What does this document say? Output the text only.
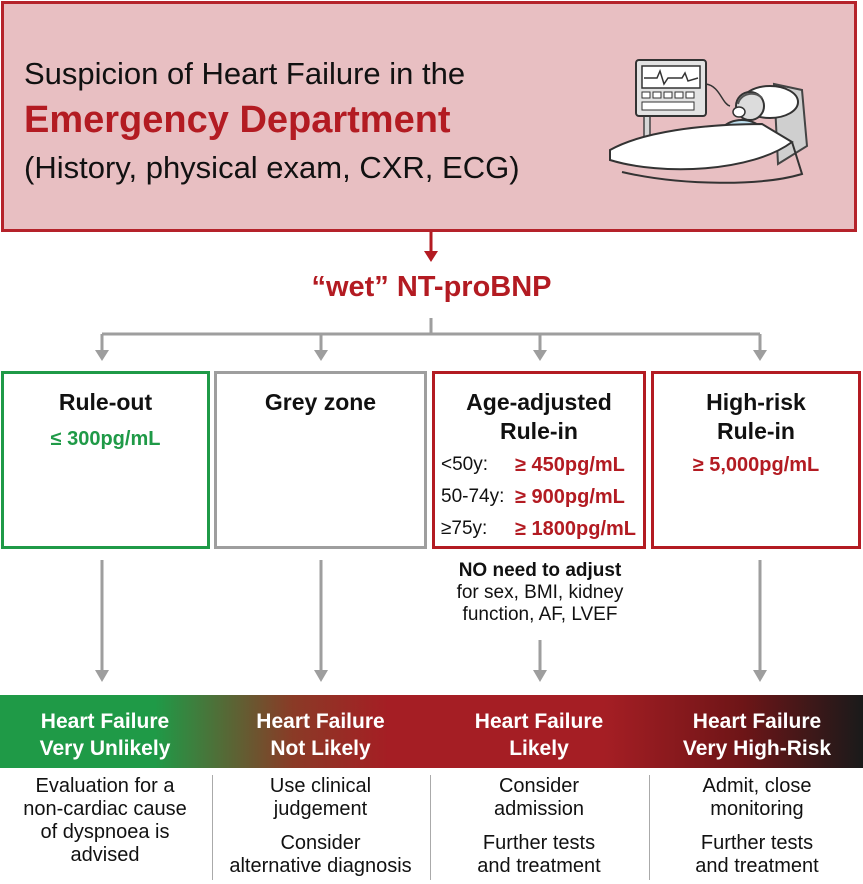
Suspicion of Heart Failure in the
Emergency Department
(History, physical exam, CXR, ECG)
“wet” NT-proBNP
Rule-out
≤ 300pg/mL
Grey zone	Age-adjusted
Rule-in
<50y: ≥ 450pg/mL
50-74y: ≥ 900pg/mL
≥75y: ≥ 1800pg/mL
High-risk
Rule-in
≥ 5,000pg/mL
NO need to adjust
for sex, BMI, kidney
function, AF, LVEF
Heart Failure
Very Unlikely
Heart Failure
Not Likely
Heart Failure
Likely
Heart Failure
Very High-Risk
Evaluation for a
non-cardiac cause
of dyspnoea is
advised
Use clinical
judgement
Consider
alternative diagnosis
Consider
admission
Further tests
and treatment
Admit, close
monitoring
Further tests
and treatment
